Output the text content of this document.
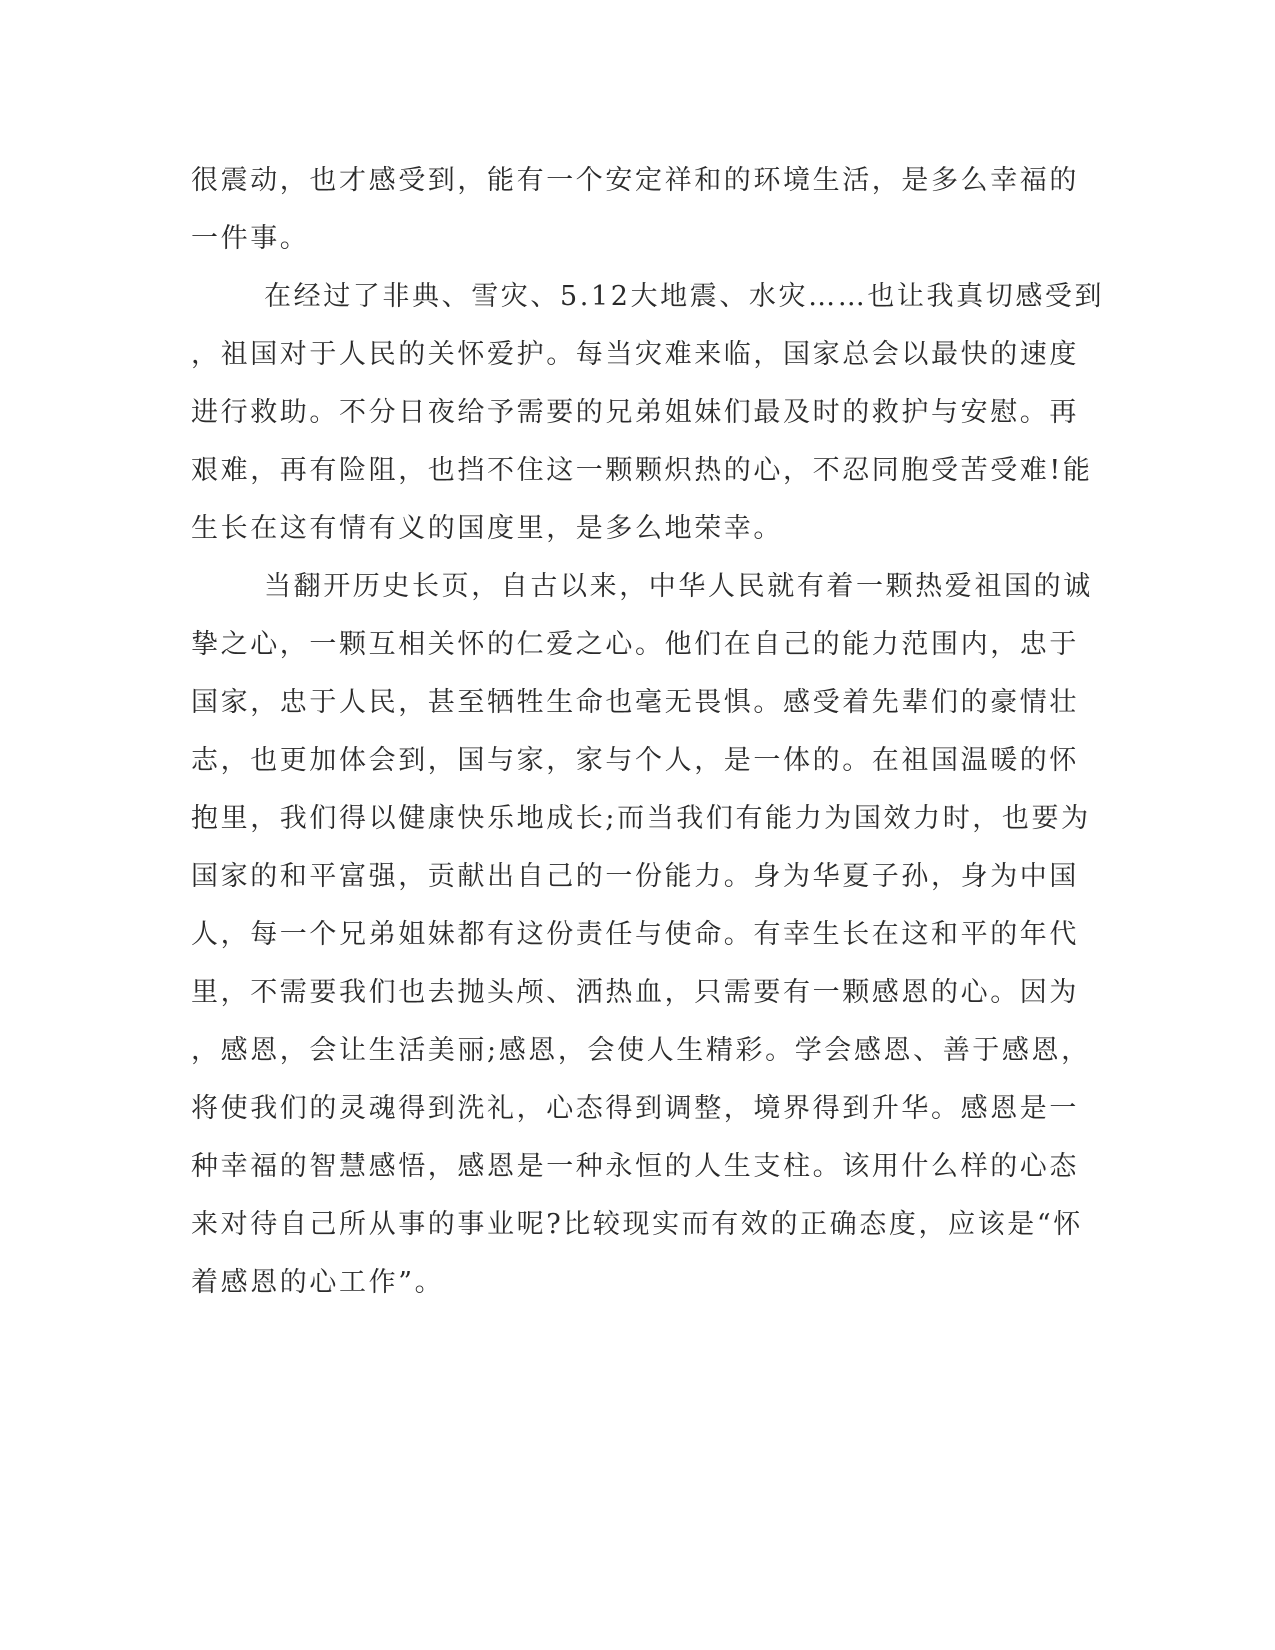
很震动，也才感受到，能有一个安定祥和的环境生活，是多么幸福的

一件事。

在经过了非典、雪灾、5.12大地震、水灾……也让我真切感受到

，祖国对于人民的关怀爱护。每当灾难来临，国家总会以最快的速度

进行救助。不分日夜给予需要的兄弟姐妹们最及时的救护与安慰。再

艰难，再有险阻，也挡不住这一颗颗炽热的心，不忍同胞受苦受难!能

生长在这有情有义的国度里，是多么地荣幸。

当翻开历史长页，自古以来，中华人民就有着一颗热爱祖国的诚

挚之心，一颗互相关怀的仁爱之心。他们在自己的能力范围内，忠于

国家，忠于人民，甚至牺牲生命也毫无畏惧。感受着先辈们的豪情壮

志，也更加体会到，国与家，家与个人，是一体的。在祖国温暖的怀

抱里，我们得以健康快乐地成长;而当我们有能力为国效力时，也要为

国家的和平富强，贡献出自己的一份能力。身为华夏子孙，身为中国

人，每一个兄弟姐妹都有这份责任与使命。有幸生长在这和平的年代

里，不需要我们也去抛头颅、洒热血，只需要有一颗感恩的心。因为

，感恩，会让生活美丽;感恩，会使人生精彩。学会感恩、善于感恩，

将使我们的灵魂得到洗礼，心态得到调整，境界得到升华。感恩是一

种幸福的智慧感悟，感恩是一种永恒的人生支柱。该用什么样的心态

来对待自己所从事的事业呢?比较现实而有效的正确态度，应该是“怀

着感恩的心工作”。
